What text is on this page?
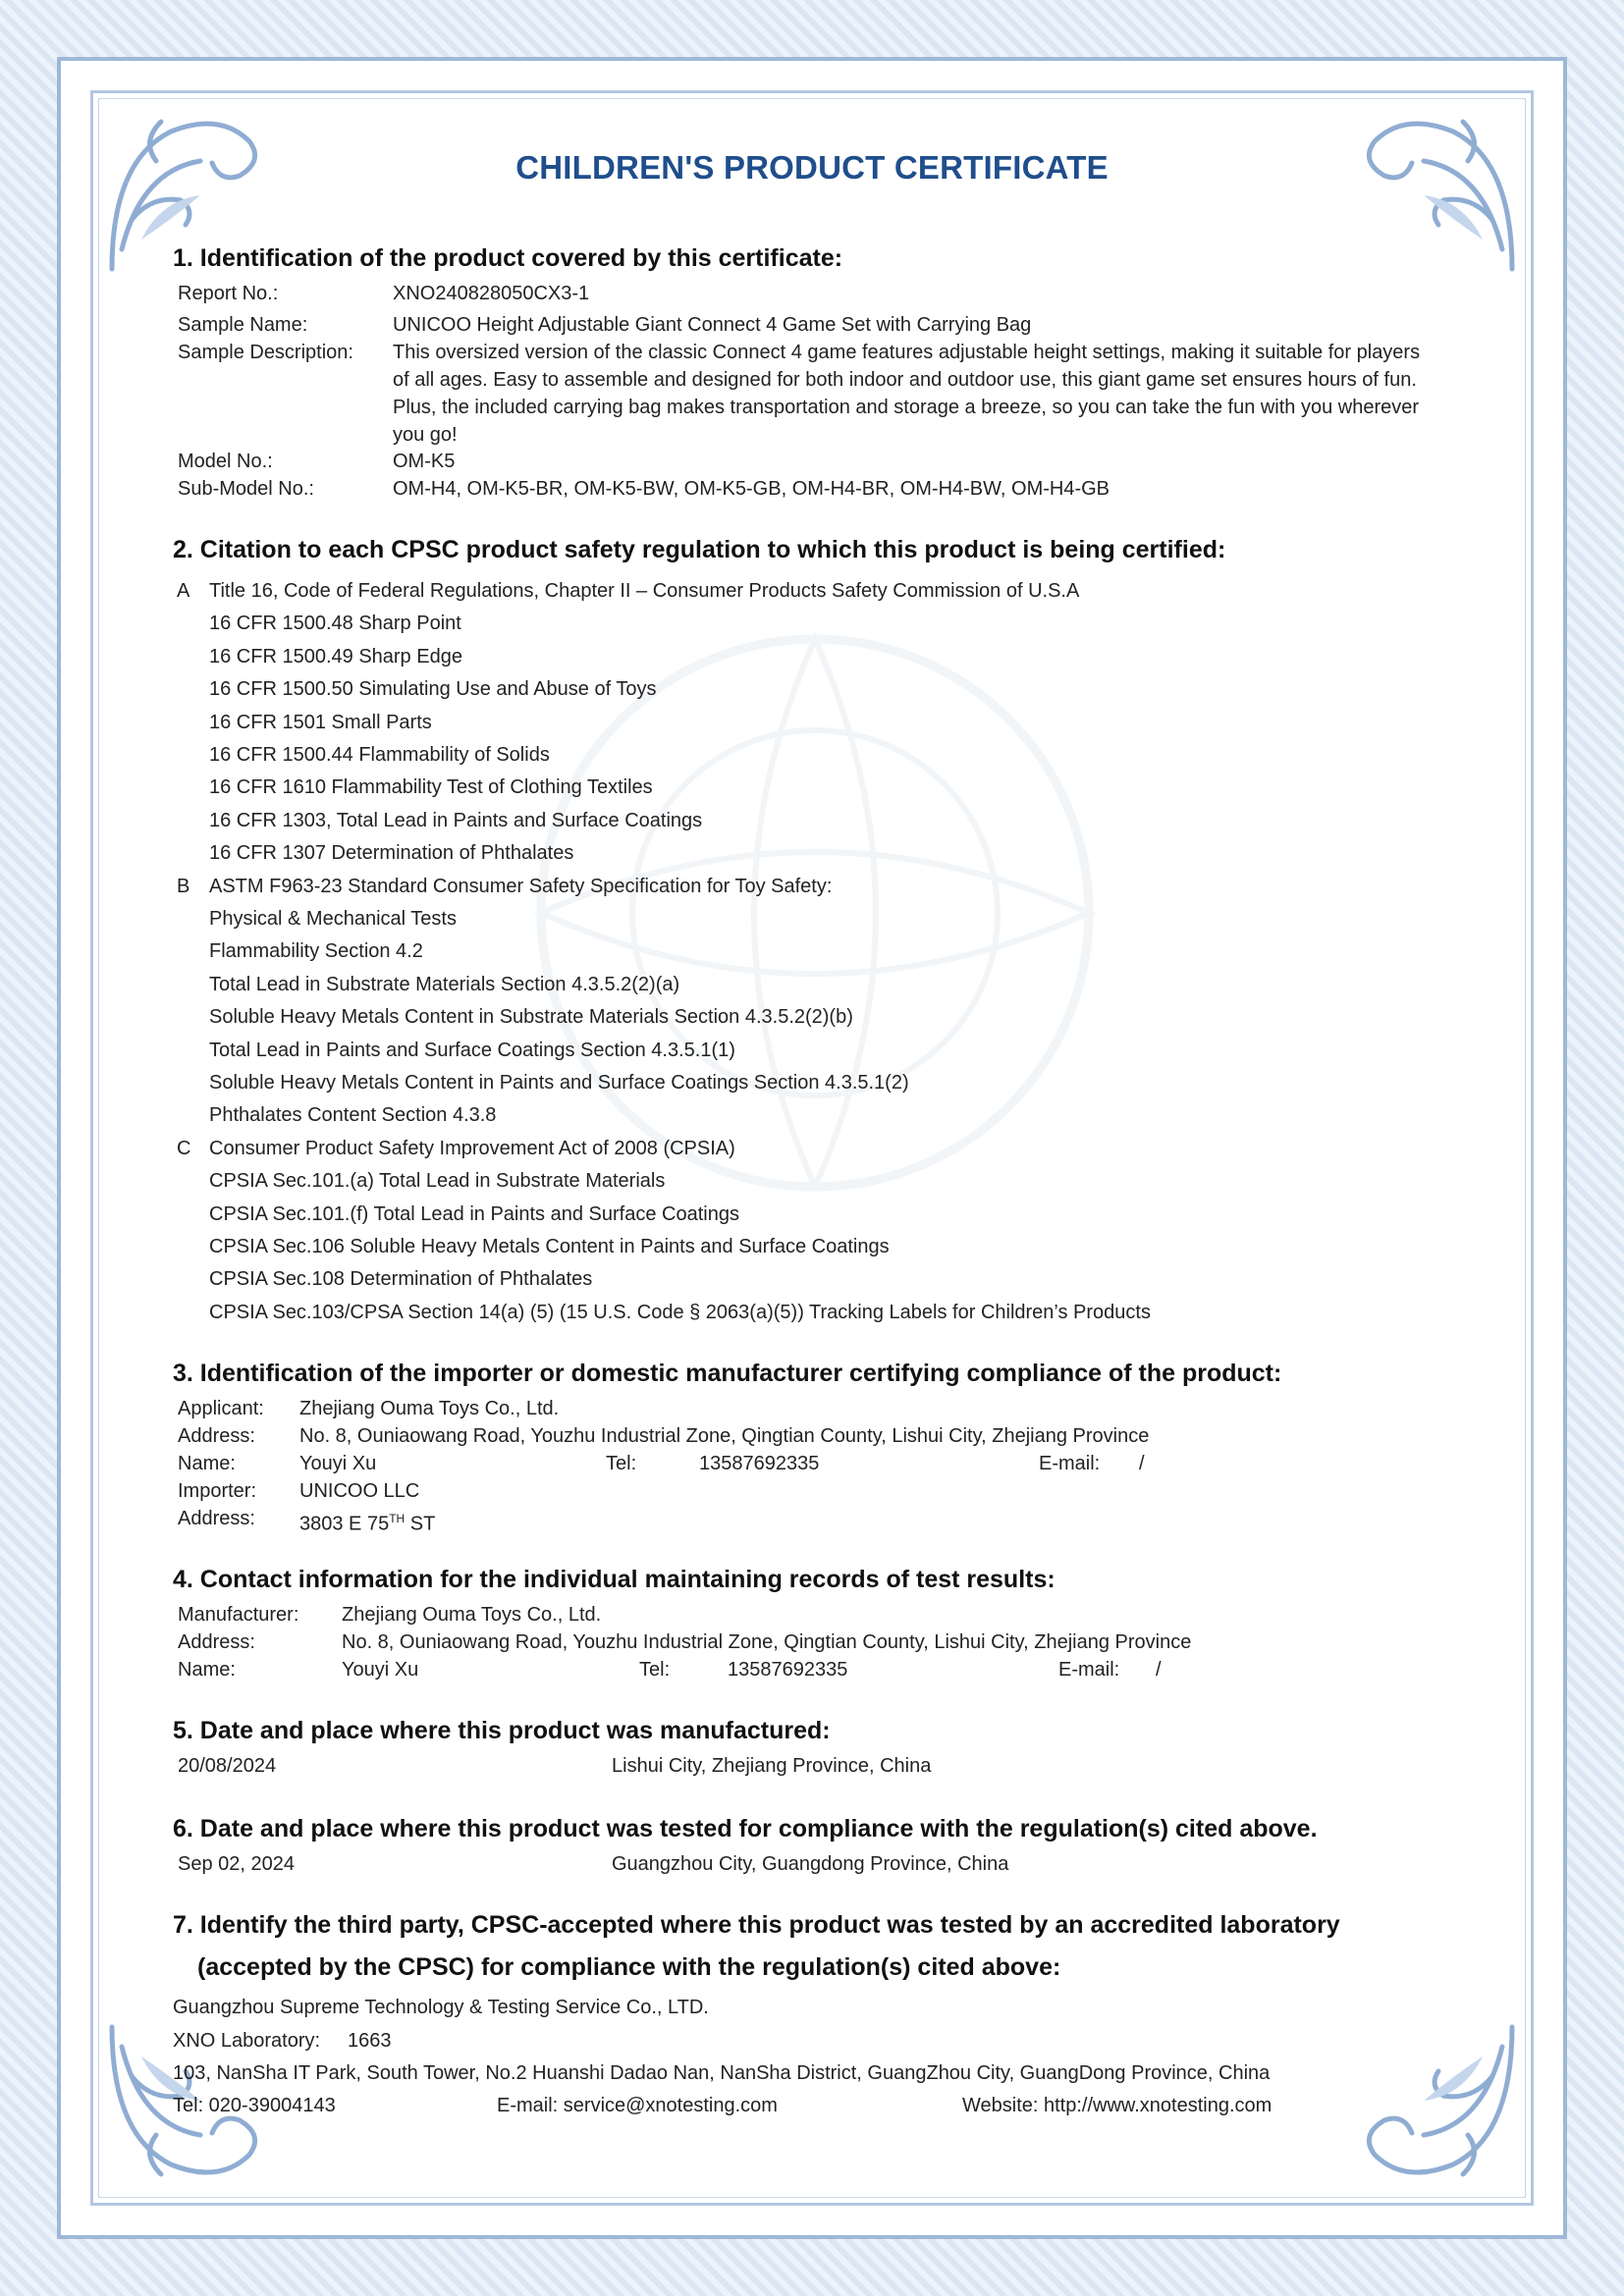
CHILDREN'S PRODUCT CERTIFICATE
1. Identification of the product covered by this certificate:
Report No.:	XNO240828050CX3-1
Sample Name:	UNICOO Height Adjustable Giant Connect 4 Game Set with Carrying Bag
Sample Description: This oversized version of the classic Connect 4 game features adjustable height settings, making it suitable for players
of all ages. Easy to assemble and designed for both indoor and outdoor use, this giant game set ensures hours of fun.
Plus, the included carrying bag makes transportation and storage a breeze, so you can take the fun with you wherever
you go!
Model No.:	OM-K5
Sub-Model No.:	OM-H4, OM-K5-BR, OM-K5-BW, OM-K5-GB, OM-H4-BR, OM-H4-BW, OM-H4-GB
2. Citation to each CPSC product safety regulation to which this product is being certified:
A Title 16, Code of Federal Regulations, Chapter II – Consumer Products Safety Commission of U.S.A
16 CFR 1500.48 Sharp Point
16 CFR 1500.49 Sharp Edge
16 CFR 1500.50 Simulating Use and Abuse of Toys
16 CFR 1501 Small Parts
16 CFR 1500.44 Flammability of Solids
16 CFR 1610 Flammability Test of Clothing Textiles
16 CFR 1303, Total Lead in Paints and Surface Coatings
16 CFR 1307 Determination of Phthalates
B ASTM F963-23 Standard Consumer Safety Specification for Toy Safety:
Physical & Mechanical Tests
Flammability Section 4.2
Total Lead in Substrate Materials Section 4.3.5.2(2)(a)
Soluble Heavy Metals Content in Substrate Materials Section 4.3.5.2(2)(b)
Total Lead in Paints and Surface Coatings Section 4.3.5.1(1)
Soluble Heavy Metals Content in Paints and Surface Coatings Section 4.3.5.1(2)
Phthalates Content Section 4.3.8
C Consumer Product Safety Improvement Act of 2008 (CPSIA)
CPSIA Sec.101.(a) Total Lead in Substrate Materials
CPSIA Sec.101.(f) Total Lead in Paints and Surface Coatings
CPSIA Sec.106 Soluble Heavy Metals Content in Paints and Surface Coatings
CPSIA Sec.108 Determination of Phthalates
CPSIA Sec.103/CPSA Section 14(a) (5) (15 U.S. Code § 2063(a)(5)) Tracking Labels for Children’s Products
3. Identification of the importer or domestic manufacturer certifying compliance of the product:
Applicant: Zhejiang Ouma Toys Co., Ltd.
Address: No. 8, Ouniaowang Road, Youzhu Industrial Zone, Qingtian County, Lishui City, Zhejiang Province
Name:	Youyi Xu	Tel:	13587692335	E-mail: /
Importer: UNICOO LLC
Address: 3803 E 75TH ST
4. Contact information for the individual maintaining records of test results:
Manufacturer: Zhejiang Ouma Toys Co., Ltd.
Address:	No. 8, Ouniaowang Road, Youzhu Industrial Zone, Qingtian County, Lishui City, Zhejiang Province
Name:	Youyi Xu	Tel:	13587692335	E-mail: /
5. Date and place where this product was manufactured:
20/08/2024	Lishui City, Zhejiang Province, China
6. Date and place where this product was tested for compliance with the regulation(s) cited above.
Sep 02, 2024	Guangzhou City, Guangdong Province, China
7. Identify the third party, CPSC-accepted where this product was tested by an accredited laboratory
(accepted by the CPSC) for compliance with the regulation(s) cited above:
Guangzhou Supreme Technology & Testing Service Co., LTD.
XNO Laboratory: 1663
103, NanSha IT Park, South Tower, No.2 Huanshi Dadao Nan, NanSha District, GuangZhou City, GuangDong Province, China
Tel: 020-39004143	E-mail: service@xnotesting.com	Website: http://www.xnotesting.com
